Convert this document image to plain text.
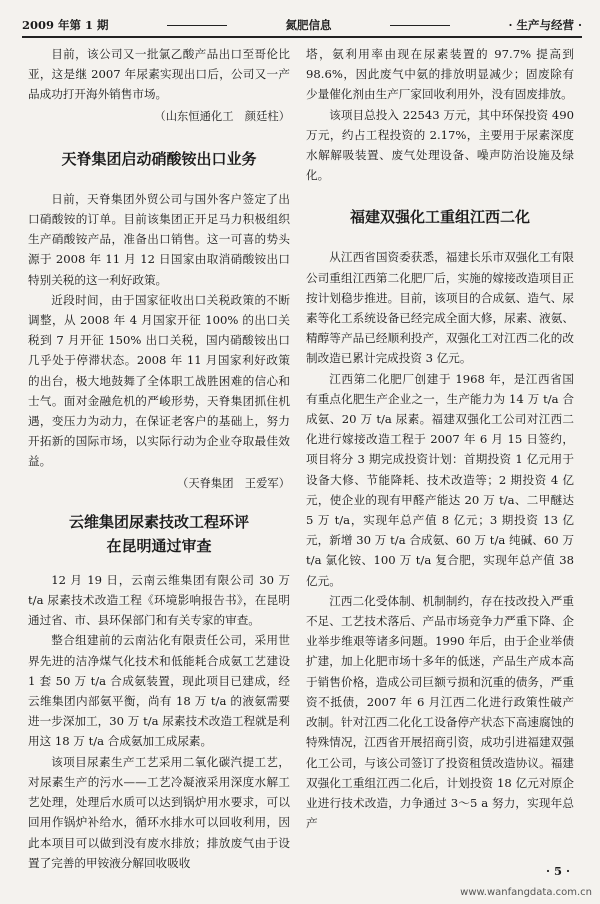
2009 年第 1 期	氮肥信息	· 生产与经营 ·

目前，该公司又一批氯乙酸产品出口至哥伦比亚，这是继 2007 年尿素实现出口后，公司又一产品成功打开海外销售市场。

（山东恒通化工　颜廷柱）
天脊集团启动硝酸铵出口业务

日前，天脊集团外贸公司与国外客户签定了出口硝酸铵的订单。目前该集团正开足马力积极组织生产硝酸铵产品，准备出口销售。这一可喜的势头源于 2008 年 11 月 12 日国家由取消硝酸铵出口特别关税的这一利好政策。

近段时间，由于国家征收出口关税政策的不断调整，从 2008 年 4 月国家开征 100% 的出口关税到 7 月开征 150% 出口关税，国内硝酸铵出口几乎处于停滞状态。2008 年 11 月国家利好政策的出台，极大地鼓舞了全体职工战胜困难的信心和士气。面对金融危机的严峻形势，天脊集团抓住机遇，变压力为动力，在保证老客户的基础上，努力开拓新的国际市场，以实际行动为企业夺取最佳效益。

（天脊集团　王爱军）
云维集团尿素技改工程环评
在昆明通过审查

12 月 19 日，云南云维集团有限公司 30 万 t/a 尿素技术改造工程《环境影响报告书》，在昆明通过省、市、县环保部门和有关专家的审查。

整合组建前的云南沾化有限责任公司，采用世界先进的洁净煤气化技术和低能耗合成氨工艺建设 1 套 50 万 t/a 合成氨装置，现此项目已建成，经云维集团内部氨平衡，尚有 18 万 t/a 的液氨需要进一步深加工，30 万 t/a 尿素技术改造工程就是利用这 18 万 t/a 合成氨加工成尿素。

该项目尿素生产工艺采用二氧化碳汽提工艺，对尿素生产的污水——工艺冷凝液采用深度水解工艺处理，处理后水质可以达到锅炉用水要求，可以回用作锅炉补给水，循环水排水可以回收利用，因此本项目可以做到没有废水排放；排放废气由于设置了完善的甲铵液分解回收吸收

塔，氨利用率由现在尿素装置的 97.7% 提高到 98.6%，因此废气中氨的排放明显减少；固废除有少量催化剂由生产厂家回收利用外，没有固废排放。

该项目总投入 22543 万元，其中环保投资 490 万元，约占工程投资的 2.17%，主要用于尿素深度水解解吸装置、废气处理设备、噪声防治设施及绿化。

福建双强化工重组江西二化

从江西省国资委获悉，福建长乐市双强化工有限公司重组江西第二化肥厂后，实施的嫁接改造项目正按计划稳步推进。目前，该项目的合成氨、造气、尿素等化工系统设备已经完成全面大修，尿素、液氨、精醇等产品已经顺利投产，双强化工对江西二化的改制改造已累计完成投资 3 亿元。

江西第二化肥厂创建于 1968 年，是江西省国有重点化肥生产企业之一，生产能力为 14 万 t/a 合成氨、20 万 t/a 尿素。福建双强化工公司对江西二化进行嫁接改造工程于 2007 年 6 月 15 日签约，项目将分 3 期完成投资计划：首期投资 1 亿元用于设备大修、节能降耗、技术改造等；2 期投资 4 亿元，使企业的现有甲醛产能达 20 万 t/a、二甲醚达 5 万 t/a，实现年总产值 8 亿元；3 期投资 13 亿元，新增 30 万 t/a 合成氨、60 万 t/a 纯碱、60 万 t/a 氯化铵、100 万 t/a 复合肥，实现年总产值 38 亿元。

江西二化受体制、机制制约，存在技改投入严重不足、工艺技术落后、产品市场竞争力严重下降、企业举步维艰等诸多问题。1990 年后，由于企业举债扩建，加上化肥市场十多年的低迷，产品生产成本高于销售价格，造成公司巨额亏损和沉重的债务，严重资不抵债，2007 年 6 月江西二化进行政策性破产改制。针对江西二化化工设备停产状态下高速腐蚀的特殊情况，江西省开展招商引资，成功引进福建双强化工公司，与该公司签订了投资租赁改造协议。福建双强化工重组江西二化后，计划投资 18 亿元对原企业进行技术改造，力争通过 3～5 a 努力，实现年总产

· 5 ·
www.wanfangdata.com.cn
